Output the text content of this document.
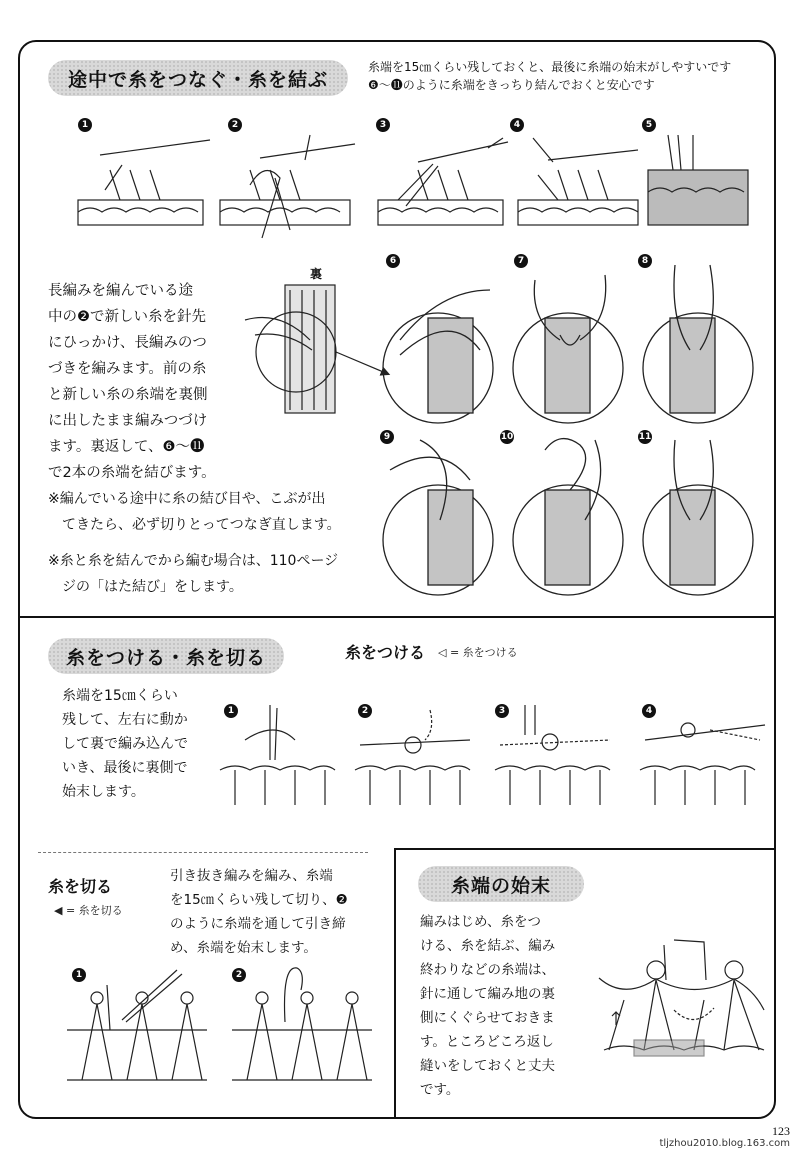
途中で糸をつなぐ・糸を結ぶ
糸端を15㎝くらい残しておくと、最後に糸端の始末がしやすいです
❻〜⓫のように糸端をきっちり結んでおくと安心です
1	2	3	4	5
長編みを編んでいる途
中の❷で新しい糸を針先
にひっかけ、長編みのつ
づきを編みます。前の糸
と新しい糸の糸端を裏側
に出したまま編みつづけ
ます。裏返して、❻〜⓫
で2本の糸端を結びます。
裏
6	7	8
9	10	11
※編んでいる途中に糸の結び目や、こぶが出
　てきたら、必ず切りとってつなぎ直します。
※糸と糸を結んでから編む場合は、110ページ
　ジの「はた結び」をします。
糸をつける・糸を切る	糸をつける ◁ = 糸をつける
糸端を15㎝くらい
残して、左右に動か
して裏で編み込んで
いき、最後に裏側で
始末します。
1	2	3	4
糸を切る
◀ = 糸を切る
引き抜き編みを編み、糸端
を15㎝くらい残して切り、❷
のように糸端を通して引き締
め、糸端を始末します。
1	2
糸端の始末
編みはじめ、糸をつ
ける、糸を結ぶ、編み
終わりなどの糸端は、
針に通して編み地の裏
側にくぐらせておきま
す。ところどころ返し
縫いをしておくと丈夫
です。
123
tljzhou2010.blog.163.com
